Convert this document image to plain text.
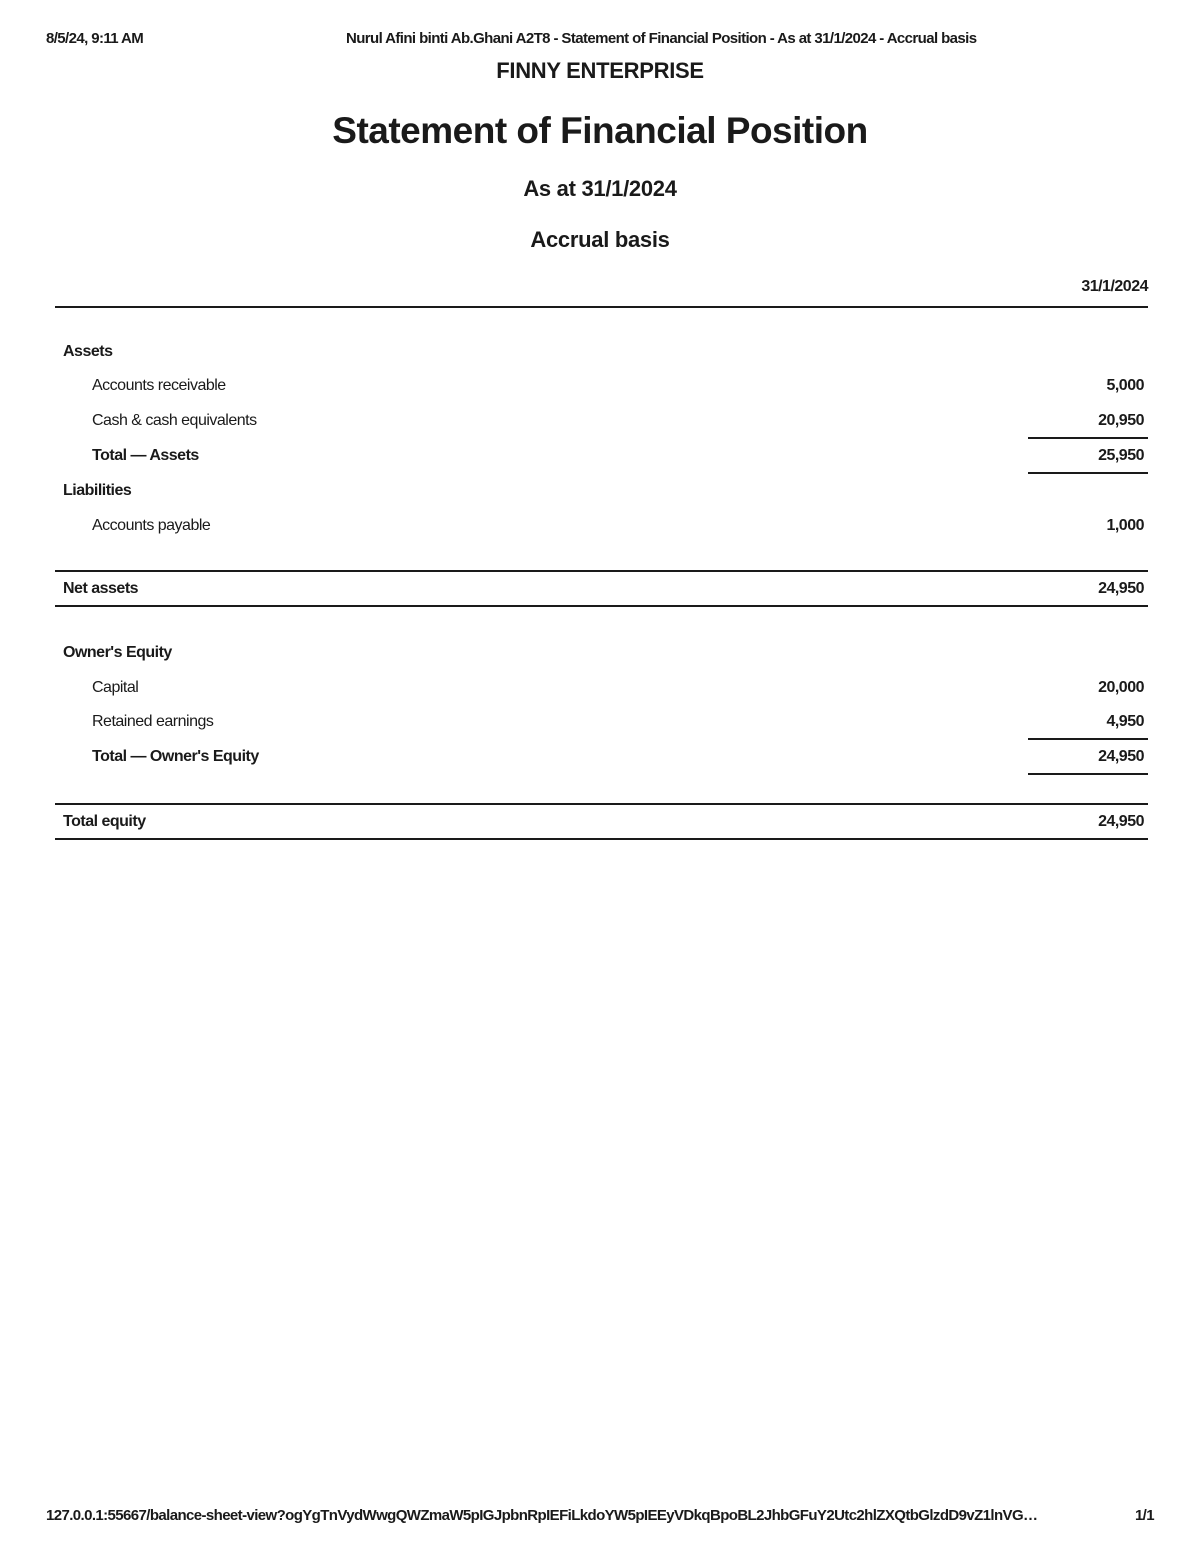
8/5/24, 9:11 AM	Nurul Afini binti Ab.Ghani A2T8 - Statement of Financial Position - As at 31/1/2024 - Accrual basis
FINNY ENTERPRISE
Statement of Financial Position
As at 31/1/2024
Accrual basis
31/1/2024
Assets
Accounts receivable	5,000
Cash & cash equivalents	20,950
Total — Assets	25,950
Liabilities
Accounts payable	1,000
Net assets	24,950
Owner's Equity
Capital	20,000
Retained earnings	4,950
Total — Owner's Equity	24,950
Total equity	24,950
127.0.0.1:55667/balance-sheet-view?ogYgTnVydWwgQWZmaW5pIGJpbnRpIEFiLkdoYW5pIEEyVDkqBpoBL2JhbGFuY2Utc2hlZXQtbGlzdD9vZ1lnVG…	1/1
